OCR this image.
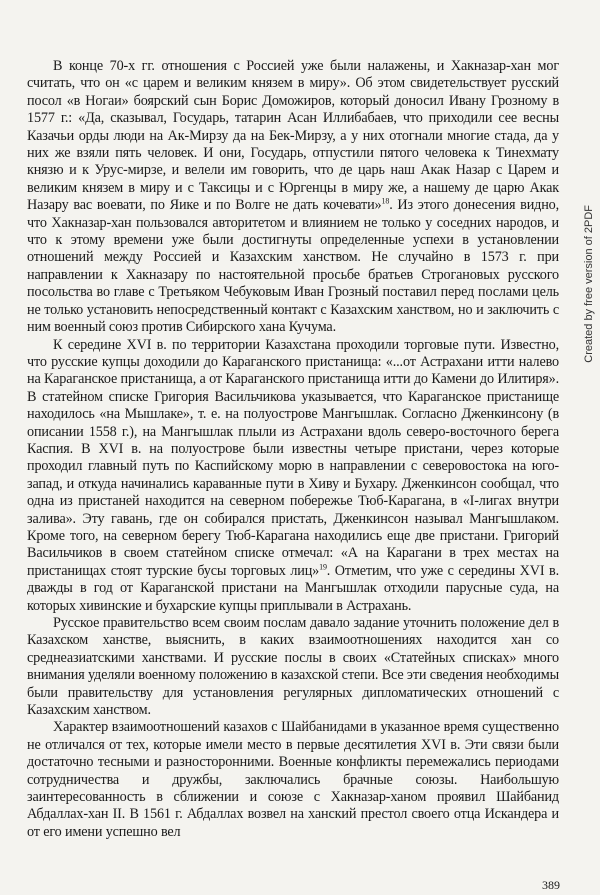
В конце 70-х гг. отношения с Россией уже были налажены, и Хакназар-хан мог считать, что он «с царем и великим князем в миру». Об этом свидетельствует русский посол «в Ногаи» боярский сын Борис Доможиров, который доносил Ивану Грозному в 1577 г.: «Да, сказывал, Государь, татарин Асан Иллибабаев, что приходили сее весны Казачьи орды люди на Ак-Мирзу да на Бек-Мирзу, а у них отогнали многие стада, да у них же взяли пять человек. И они, Государь, отпустили пятого человека к Тинехмату князю и к Урус-мирзе, и велели им говорить, что де царь наш Акак Назар с Царем и великим князем в миру и с Таксицы и с Юргенцы в миру же, а нашему де царю Акак Назару вас воевати, по Яике и по Волге не дать кочевати»$^{18}$. Из этого донесения видно, что Хакназар-хан пользовался авторитетом и влиянием не только у соседних народов, и что к этому времени уже были достигнуты определенные успехи в установлении отношений между Россией и Казахским ханством. Не случайно в 1573 г. при направлении к Хакназару по настоятельной просьбе братьев Строгановых русского посольства во главе с Третьяком Чебуковым Иван Грозный поставил перед послами цель не только установить непосредственный контакт с Казахским ханством, но и заключить с ним военный союз против Сибирского хана Кучума.

К середине XVI в. по территории Казахстана проходили торговые пути. Известно, что русские купцы доходили до Караганского пристанища: «...от Астрахани итти налево на Караганское пристанища, а от Караганского пристанища итти до Камени до Илитиря». В статейном списке Григория Васильчикова указывается, что Караганское пристанище находилось «на Мышлаке», т. е. на полуострове Мангышлак. Согласно Дженкинсону (в описании 1558 г.), на Мангышлак плыли из Астрахани вдоль северо-восточного берега Каспия. В XVI в. на полуострове были известны четыре пристани, через которые проходил главный путь по Каспийскому морю в направлении с северовостока на юго-запад, и откуда начинались караванные пути в Хиву и Бухару. Дженкинсон сообщал, что одна из пристаней находится на северном побережье Тюб-Карагана, в «I-лигах внутри залива». Эту гавань, где он собирался пристать, Дженкинсон называл Мангышлаком. Кроме того, на северном берегу Тюб-Карагана находились еще две пристани. Григорий Васильчиков в своем статейном списке отмечал: «А на Карагани в трех местах на пристанищах стоят турские бусы торговых лиц»$^{19}$. Отметим, что уже с середины XVI в. дважды в год от Караганской пристани на Мангышлак отходили парусные суда, на которых хивинские и бухарские купцы приплывали в Астрахань.

Русское правительство всем своим послам давало задание уточнить положение дел в Казахском ханстве, выяснить, в каких взаимоотношениях находится хан со среднеазиатскими ханствами. И русские послы в своих «Статейных списках» много внимания уделяли военному положению в казахской степи. Все эти сведения необходимы были правительству для установления регулярных дипломатических отношений с Казахским ханством.

Характер взаимоотношений казахов с Шайбанидами в указанное время существенно не отличался от тех, которые имели место в первые десятилетия XVI в. Эти связи были достаточно тесными и разносторонними. Военные конфликты перемежались периодами сотрудничества и дружбы, заключались брачные союзы. Наибольшую заинтересованность в сближении и союзе с Хакназар-ханом проявил Шайбанид Абдаллах-хан II. В 1561 г. Абдаллах возвел на ханский престол своего отца Искандера и от его имени успешно вел

Created by free version of 2PDF
389
